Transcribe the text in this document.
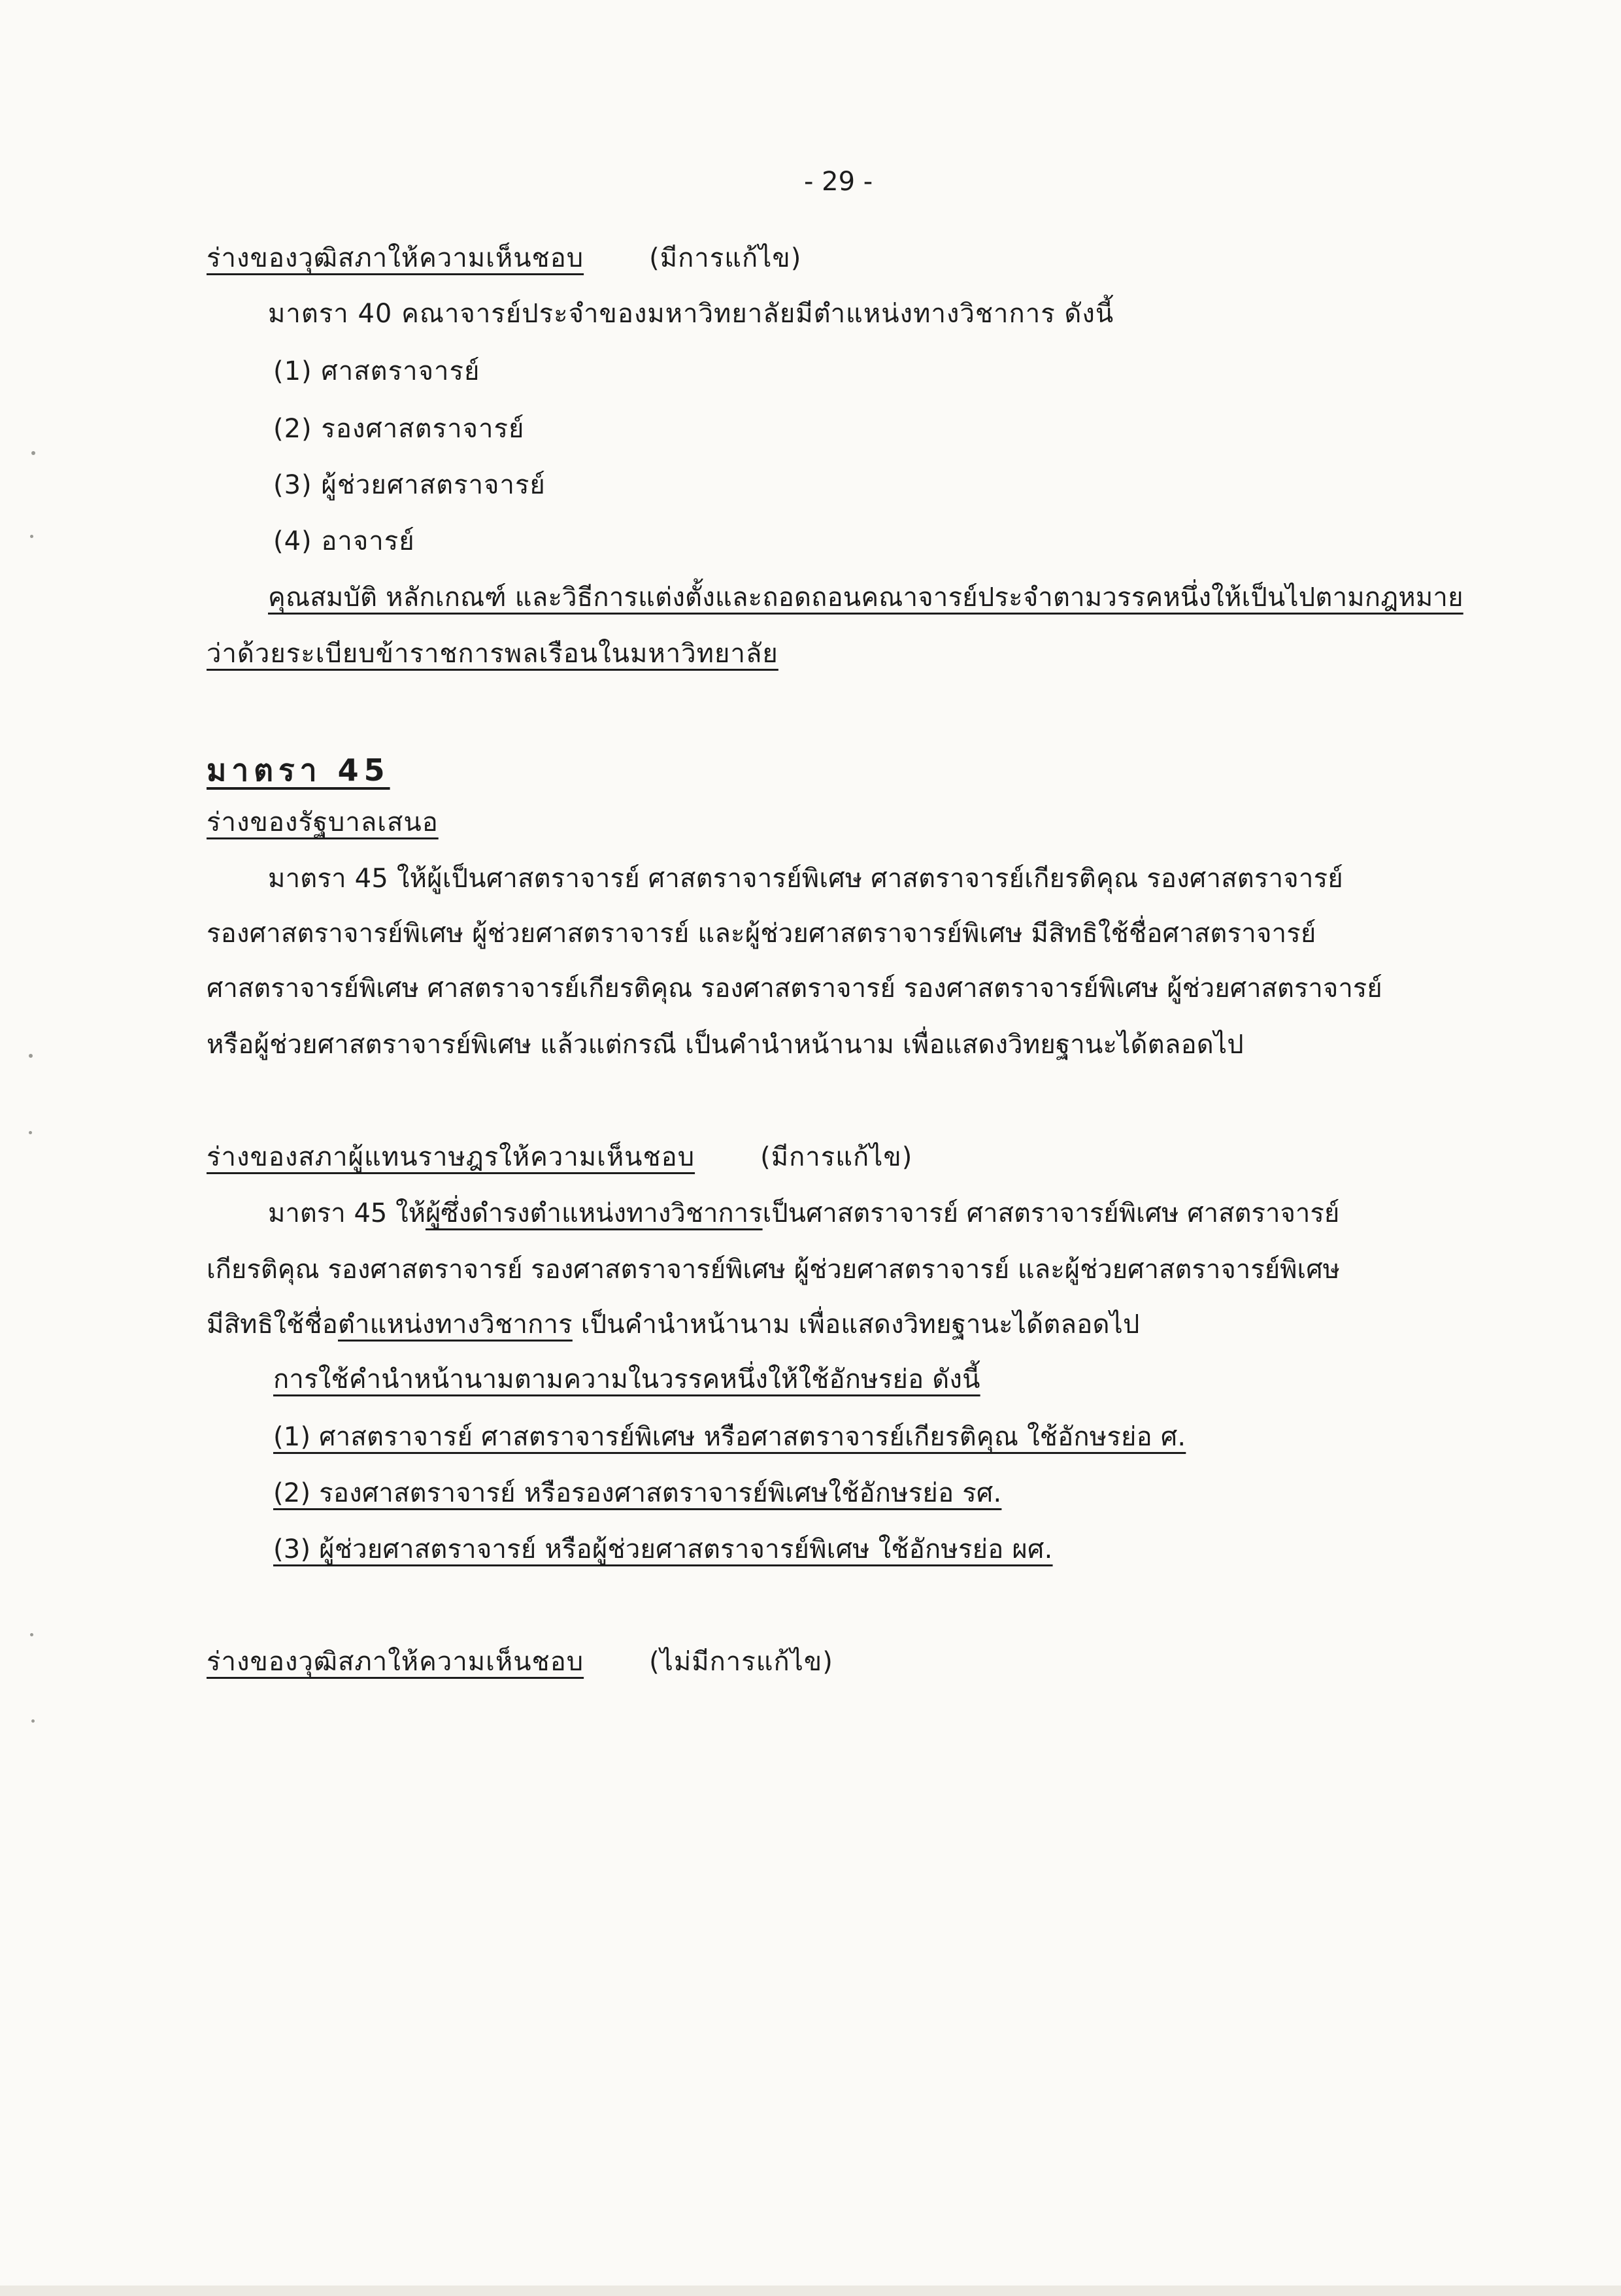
- 29 -
ร่างของวุฒิสภาให้ความเห็นชอบ	(มีการแก้ไข)
มาตรา 40 คณาจารย์ประจำของมหาวิทยาลัยมีตำแหน่งทางวิชาการ ดังนี้
(1) ศาสตราจารย์
(2) รองศาสตราจารย์
(3) ผู้ช่วยศาสตราจารย์
(4) อาจารย์
คุณสมบัติ หลักเกณฑ์ และวิธีการแต่งตั้งและถอดถอนคณาจารย์ประจำตามวรรคหนึ่งให้เป็นไปตามกฎหมาย
ว่าด้วยระเบียบข้าราชการพลเรือนในมหาวิทยาลัย
มาตรา 45
ร่างของรัฐบาลเสนอ
มาตรา 45 ให้ผู้เป็นศาสตราจารย์ ศาสตราจารย์พิเศษ ศาสตราจารย์เกียรติคุณ รองศาสตราจารย์
รองศาสตราจารย์พิเศษ ผู้ช่วยศาสตราจารย์ และผู้ช่วยศาสตราจารย์พิเศษ มีสิทธิใช้ชื่อศาสตราจารย์
ศาสตราจารย์พิเศษ ศาสตราจารย์เกียรติคุณ รองศาสตราจารย์ รองศาสตราจารย์พิเศษ ผู้ช่วยศาสตราจารย์
หรือผู้ช่วยศาสตราจารย์พิเศษ แล้วแต่กรณี เป็นคำนำหน้านาม เพื่อแสดงวิทยฐานะได้ตลอดไป
ร่างของสภาผู้แทนราษฎรให้ความเห็นชอบ	(มีการแก้ไข)
มาตรา 45 ให้ผู้ซึ่งดำรงตำแหน่งทางวิชาการเป็นศาสตราจารย์ ศาสตราจารย์พิเศษ ศาสตราจารย์
เกียรติคุณ รองศาสตราจารย์ รองศาสตราจารย์พิเศษ ผู้ช่วยศาสตราจารย์ และผู้ช่วยศาสตราจารย์พิเศษ
มีสิทธิใช้ชื่อตำแหน่งทางวิชาการ เป็นคำนำหน้านาม เพื่อแสดงวิทยฐานะได้ตลอดไป
การใช้คำนำหน้านามตามความในวรรคหนึ่งให้ใช้อักษรย่อ ดังนี้
(1) ศาสตราจารย์ ศาสตราจารย์พิเศษ หรือศาสตราจารย์เกียรติคุณ ใช้อักษรย่อ ศ.
(2) รองศาสตราจารย์ หรือรองศาสตราจารย์พิเศษใช้อักษรย่อ รศ.
(3) ผู้ช่วยศาสตราจารย์ หรือผู้ช่วยศาสตราจารย์พิเศษ ใช้อักษรย่อ ผศ.
ร่างของวุฒิสภาให้ความเห็นชอบ	(ไม่มีการแก้ไข)
